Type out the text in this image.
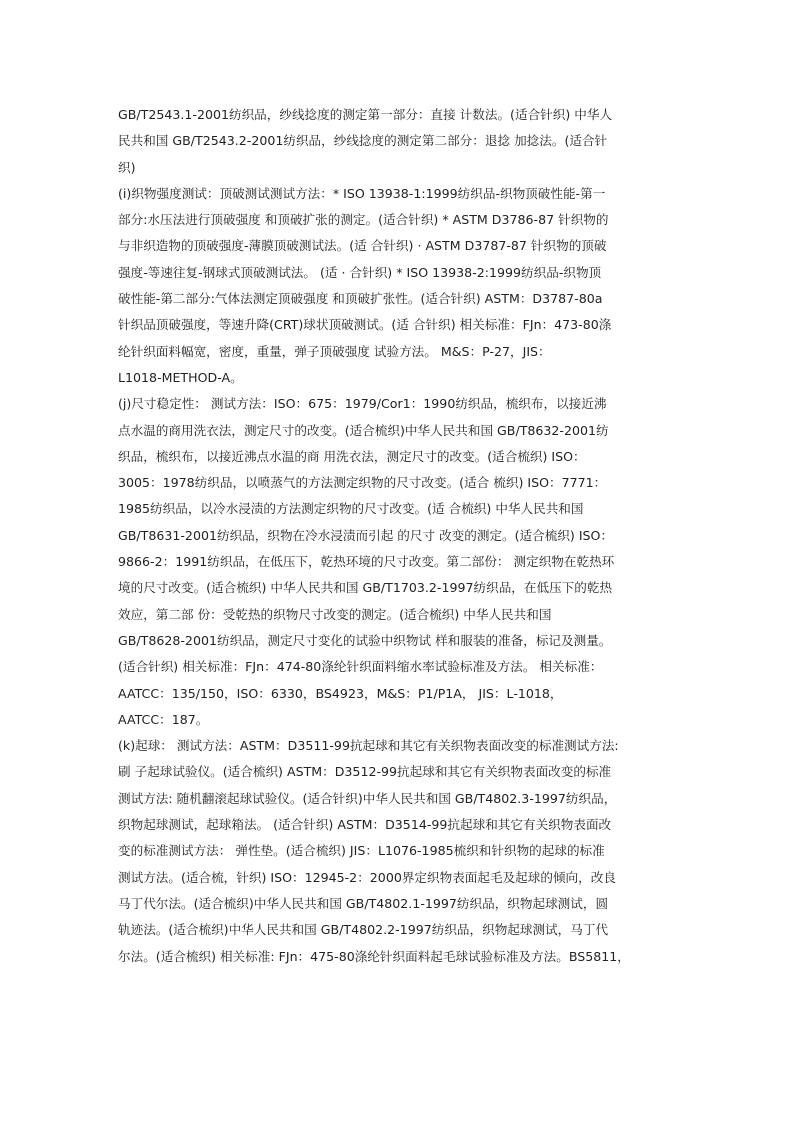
GB/T2543.1-2001纺织品，纱线捻度的测定第一部分：直接 计数法。(适合针织) 中华人
民共和国 GB/T2543.2-2001纺织品，纱线捻度的测定第二部分：退捻 加捻法。(适合针
织)
(i)织物强度测试：顶破测试测试方法：* ISO 13938-1:1999纺织品-织物顶破性能-第一
部分:水压法进行顶破强度 和顶破扩张的测定。(适合针织) * ASTM D3786-87 针织物的
与非织造物的顶破强度-薄膜顶破测试法。(适 合针织) · ASTM D3787-87 针织物的顶破
强度-等速往复-钢球式顶破测试法。 (适 · 合针织) * ISO 13938-2:1999纺织品-织物顶
破性能-第二部分:气体法测定顶破强度 和顶破扩张性。(适合针织) ASTM：D3787-80a
针织品顶破强度，等速升降(CRT)球状顶破测试。(适 合针织) 相关标准：FJn：473-80涤
纶针织面料幅宽，密度，重量，弹子顶破强度 试验方法。 M&S：P-27，JIS：
L1018-METHOD-A。
(j)尺寸稳定性： 测试方法：ISO：675：1979/Cor1：1990纺织品，梳织布，以接近沸
点水温的商用洗衣法，测定尺寸的改变。(适合梳织)中华人民共和国 GB/T8632-2001纺
织品，梳织布，以接近沸点水温的商 用洗衣法，测定尺寸的改变。(适合梳织) ISO：
3005：1978纺织品，以喷蒸气的方法测定织物的尺寸改变。(适合 梳织) ISO：7771：
1985纺织品，以冷水浸渍的方法测定织物的尺寸改变。(适 合梳织) 中华人民共和国
GB/T8631-2001纺织品，织物在冷水浸渍而引起 的尺寸 改变的测定。(适合梳织) ISO：
9866-2：1991纺织品，在低压下，乾热环境的尺寸改变。第二部份： 测定织物在乾热环
境的尺寸改变。(适合梳织) 中华人民共和国 GB/T1703.2-1997纺织品，在低压下的乾热
效应，第二部 份：受乾热的织物尺寸改变的测定。(适合梳织) 中华人民共和国
GB/T8628-2001纺织品，测定尺寸变化的试验中织物试 样和服装的准备，标记及测量。
(适合针织) 相关标准：FJn：474-80涤纶针织面料缩水率试验标准及方法。 相关标准：
AATCC：135/150，ISO：6330，BS4923，M&S：P1/P1A， JIS：L-1018，
AATCC：187。
(k)起球： 测试方法：ASTM：D3511-99抗起球和其它有关织物表面改变的标准测试方法:
刷 子起球试验仪。(适合梳织) ASTM：D3512-99抗起球和其它有关织物表面改变的标准
测试方法: 随机翻滚起球试验仪。(适合针织)中华人民共和国 GB/T4802.3-1997纺织品，
织物起球测试，起球箱法。 (适合针织) ASTM：D3514-99抗起球和其它有关织物表面改
变的标准测试方法： 弹性垫。(适合梳织) JIS：L1076-1985梳织和针织物的起球的标准
测试方法。(适合梳，针织) ISO：12945-2：2000界定织物表面起毛及起球的倾向，改良
马丁代尔法。(适合梳织)中华人民共和国 GB/T4802.1-1997纺织品，织物起球测试，圆
轨迹法。(适合梳织)中华人民共和国 GB/T4802.2-1997纺织品，织物起球测试，马丁代
尔法。(适合梳织) 相关标准: FJn：475-80涤纶针织面料起毛球试验标准及方法。BS5811，
